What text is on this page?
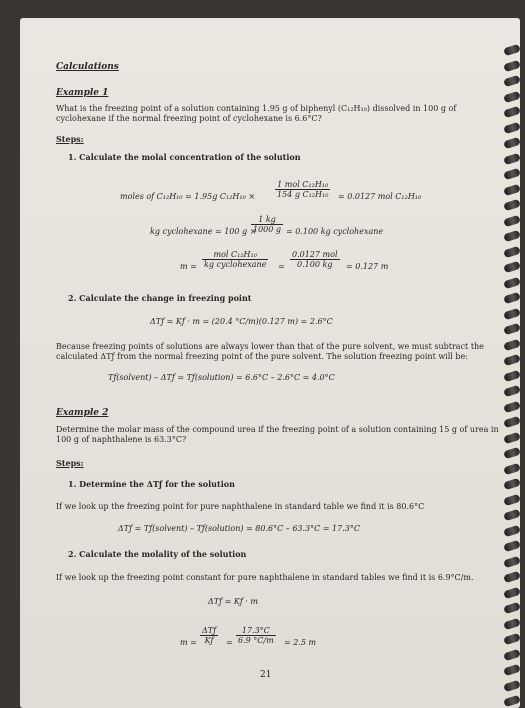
Calculations
Example 1
What is the freezing point of a solution containing 1.95 g of biphenyl (C₁₂H₁₀) dissolved in 100 g of
cyclohexane if the normal freezing point of cyclohexane is 6.6°C?
Steps:
1. Calculate the molal concentration of the solution
moles of C₁₂H₁₀ = 1.95g C₁₂H₁₀ ×
1 mol C₁₂H₁₀
154 g C₁₂H₁₀ = 0.0127 mol C₁₂H₁₀
kg cyclohexane = 100 g ×
$\frac{1 kg}{1000 g} = 0.100$ kg cyclohexane
m =
mol C₁₂H₁₀
kg cyclohexane =
0.0127 mol
0.100 kg	= 0.127 m
2. Calculate the change in freezing point
ΔTƒ = Kƒ · m = (20.4 °C/m)(0.127 m) = 2.6°C
Because freezing points of solutions are always lower than that of the pure solvent, we must subtract the
calculated ΔTƒ from the normal freezing point of the pure solvent. The solution freezing point will be:
Tƒ(solvent) – ΔTƒ = Tƒ(solution) = 6.6°C – 2.6°C = 4.0°C
Example 2
Determine the molar mass of the compound urea if the freezing point of a solution containing 15 g of urea in
100 g of naphthalene is 63.3°C?
Steps:
1. Determine the ΔTƒ for the solution
If we look up the freezing point for pure naphthalene in standard table we find it is 80.6°C
ΔTƒ = Tƒ(solvent) – Tƒ(solution) = 80.6°C – 63.3°C = 17.3°C
2. Calculate the molality of the solution
If we look up the freezing point constant for pure naphthalene in standard tables we find it is 6.9°C/m.
ΔTƒ = Kƒ · m
m =
ΔTƒ
Kƒ	= $\frac{17.3^\circ C}{6.9 ^\circ C/m} = 2.5$ m
21
